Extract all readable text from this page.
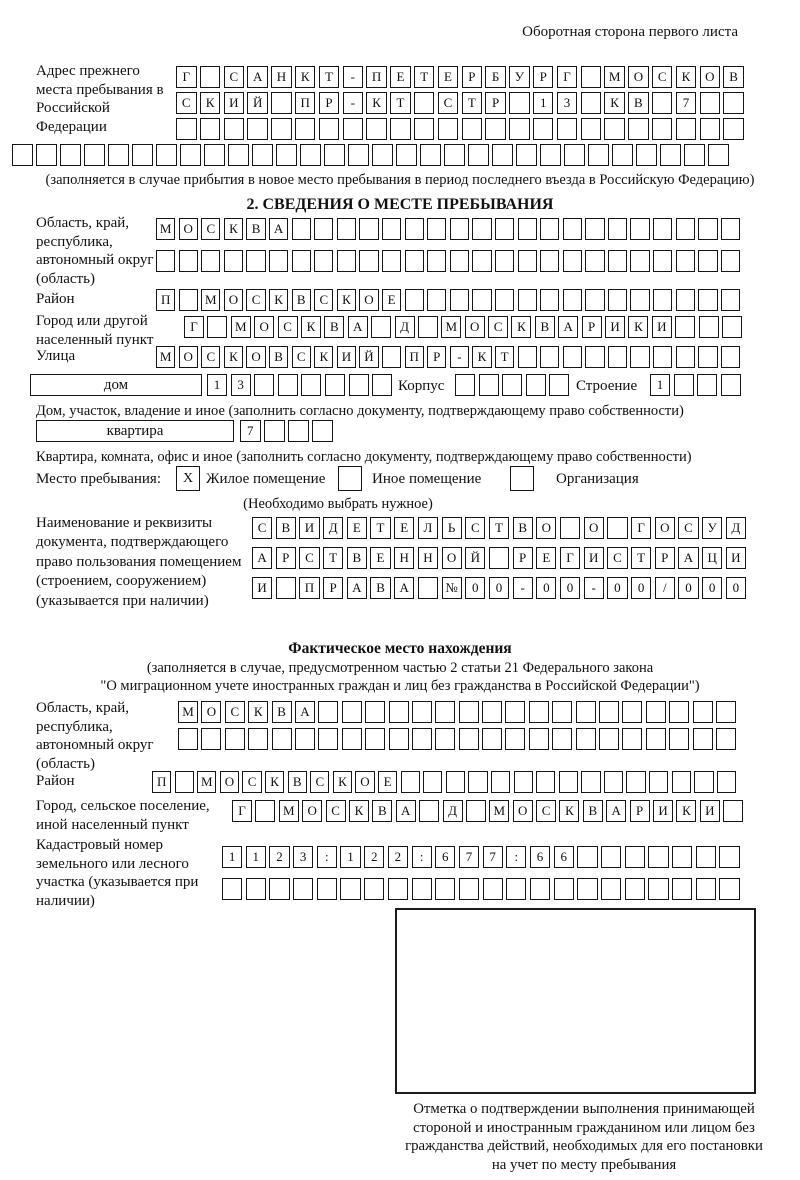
Оборотная сторона первого листа
Адрес прежнего места пребывания в Российской Федерации
Г	С	А	Н	К	Т	-	П	Е	Т	Е	Р	Б	У	Р	Г	М	О	С	К	О	В
С	К	И	Й	П	Р	-	К	Т	С	Т	Р	1	3	К	В	7
(заполняется в случае прибытия в новое место пребывания в период последнего въезда в Российскую Федерацию)
2. СВЕДЕНИЯ О МЕСТЕ ПРЕБЫВАНИЯ
Область, край, республика, автономный округ (область)
М О	С	К	В	А
Район	П	М О	С	К	В	С	К	О	Е
Город или другой населенный пункт
Г	М О	С	К	В	А	Д	М О	С	К	В	А	Р	И	К	И
Улица	М О	С	К	О	В	С	К	И	Й	П	Р	-	К	Т
дом	1	3	Корпус	Строение	1
Дом, участок, владение и иное (заполнить согласно документу, подтверждающему право собственности)
квартира	7
Квартира, комната, офис и иное (заполнить согласно документу, подтверждающему право собственности)
Место пребывания:	X Жилое помещение	Иное помещение	Организация
(Необходимо выбрать нужное)
Наименование и реквизиты документа, подтверждающего право пользования помещением (строением, сооружением) (указывается при наличии)
С	В	И	Д	Е	Т	Е	Л	Ь	С	Т	В	О	О	Г	О	С	У	Д
А	Р	С	Т	В	Е	Н	Н	О	Й	Р	Е	Г	И	С	Т	Р	А	Ц	И
И	П	Р	А	В	А	№	0	0	-	0	0	-	0	0	/	0	0	0
Фактическое место нахождения
(заполняется в случае, предусмотренном частью 2 статьи 21 Федерального закона
"О миграционном учете иностранных граждан и лиц без гражданства в Российской Федерации")
Область, край, республика, автономный округ (область)
М О	С	К	В	А
Район	П	М О	С	К	В	С	К	О	Е
Город, сельское поселение, иной населенный пункт
Г	М О	С	К	В	А	Д	М О	С	К	В	А	Р	И	К	И
Кадастровый номер земельного или лесного участка (указывается при наличии)
1	1	2	3	:	1	2	2	:	6	7	7	:	6	6
Отметка о подтверждении выполнения принимающей стороной и иностранным гражданином или лицом без гражданства действий, необходимых для его постановки на учет по месту пребывания
